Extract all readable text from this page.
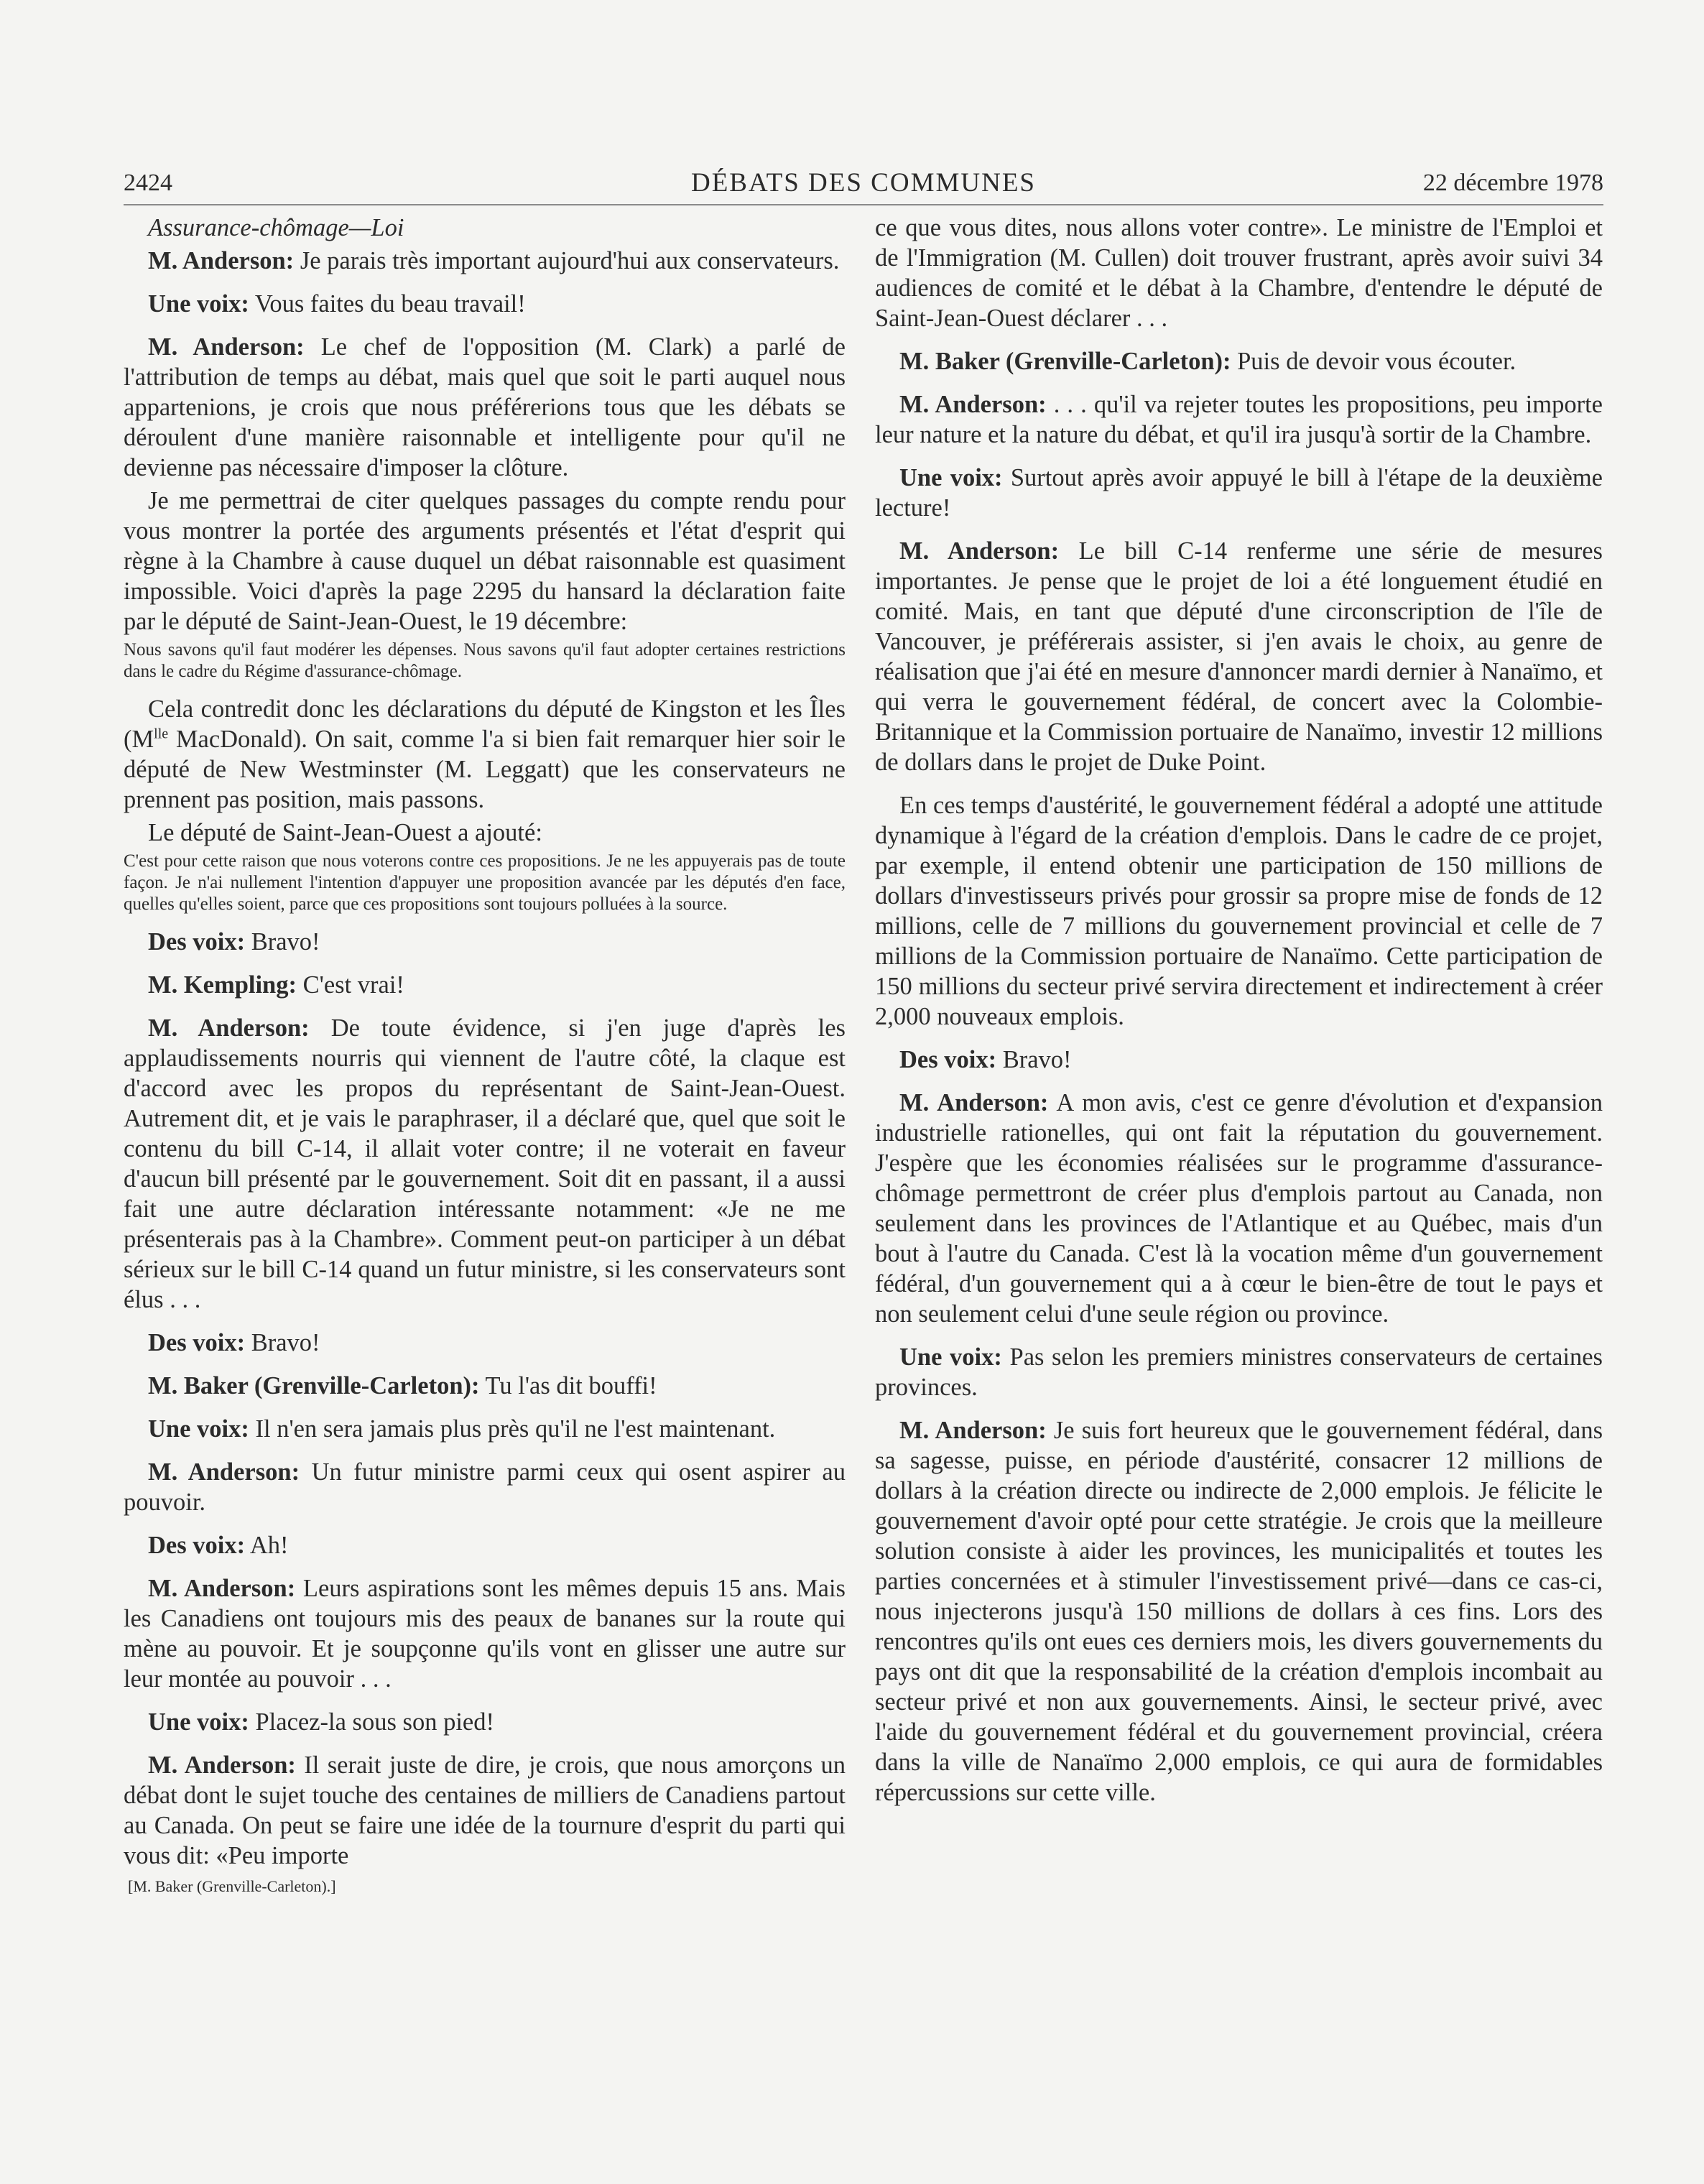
2424	DÉBATS DES COMMUNES	22 décembre 1978

Assurance-chômage—Loi

M. Anderson: Je parais très important aujourd'hui aux conservateurs.

Une voix: Vous faites du beau travail!

M. Anderson: Le chef de l'opposition (M. Clark) a parlé de l'attribution de temps au débat, mais quel que soit le parti auquel nous appartenions, je crois que nous préférerions tous que les débats se déroulent d'une manière raisonnable et intelligente pour qu'il ne devienne pas nécessaire d'imposer la clôture.

Je me permettrai de citer quelques passages du compte rendu pour vous montrer la portée des arguments présentés et l'état d'esprit qui règne à la Chambre à cause duquel un débat raisonnable est quasiment impossible. Voici d'après la page 2295 du hansard la déclaration faite par le député de Saint-Jean-Ouest, le 19 décembre:

Nous savons qu'il faut modérer les dépenses. Nous savons qu'il faut adopter certaines restrictions dans le cadre du Régime d'assurance-chômage.

Cela contredit donc les déclarations du député de Kingston et les Îles ($M^{lle}$ MacDonald). On sait, comme l'a si bien fait remarquer hier soir le député de New Westminster (M. Leggatt) que les conservateurs ne prennent pas position, mais passons.

Le député de Saint-Jean-Ouest a ajouté:

C'est pour cette raison que nous voterons contre ces propositions. Je ne les appuyerais pas de toute façon. Je n'ai nullement l'intention d'appuyer une proposition avancée par les députés d'en face, quelles qu'elles soient, parce que ces propositions sont toujours polluées à la source.

Des voix: Bravo!

M. Kempling: C'est vrai!

M. Anderson: De toute évidence, si j'en juge d'après les applaudissements nourris qui viennent de l'autre côté, la claque est d'accord avec les propos du représentant de Saint-Jean-Ouest. Autrement dit, et je vais le paraphraser, il a déclaré que, quel que soit le contenu du bill C-14, il allait voter contre; il ne voterait en faveur d'aucun bill présenté par le gouvernement. Soit dit en passant, il a aussi fait une autre déclaration intéressante notamment: «Je ne me présenterais pas à la Chambre». Comment peut-on participer à un débat sérieux sur le bill C-14 quand un futur ministre, si les conservateurs sont élus . . .

Des voix: Bravo!

M. Baker (Grenville-Carleton): Tu l'as dit bouffi!

Une voix: Il n'en sera jamais plus près qu'il ne l'est maintenant.

M. Anderson: Un futur ministre parmi ceux qui osent aspirer au pouvoir.

Des voix: Ah!

M. Anderson: Leurs aspirations sont les mêmes depuis 15 ans. Mais les Canadiens ont toujours mis des peaux de bananes sur la route qui mène au pouvoir. Et je soupçonne qu'ils vont en glisser une autre sur leur montée au pouvoir . . .

Une voix: Placez-la sous son pied!

M. Anderson: Il serait juste de dire, je crois, que nous amorçons un débat dont le sujet touche des centaines de milliers de Canadiens partout au Canada. On peut se faire une idée de la tournure d'esprit du parti qui vous dit: «Peu importe

[M. Baker (Grenville-Carleton).]

ce que vous dites, nous allons voter contre». Le ministre de l'Emploi et de l'Immigration (M. Cullen) doit trouver frustrant, après avoir suivi 34 audiences de comité et le débat à la Chambre, d'entendre le député de Saint-Jean-Ouest déclarer . . .

M. Baker (Grenville-Carleton): Puis de devoir vous écouter.

M. Anderson: . . . qu'il va rejeter toutes les propositions, peu importe leur nature et la nature du débat, et qu'il ira jusqu'à sortir de la Chambre.

Une voix: Surtout après avoir appuyé le bill à l'étape de la deuxième lecture!

M. Anderson: Le bill C-14 renferme une série de mesures importantes. Je pense que le projet de loi a été longuement étudié en comité. Mais, en tant que député d'une circonscription de l'île de Vancouver, je préférerais assister, si j'en avais le choix, au genre de réalisation que j'ai été en mesure d'annoncer mardi dernier à Nanaïmo, et qui verra le gouvernement fédéral, de concert avec la Colombie-Britannique et la Commission portuaire de Nanaïmo, investir 12 millions de dollars dans le projet de Duke Point.

En ces temps d'austérité, le gouvernement fédéral a adopté une attitude dynamique à l'égard de la création d'emplois. Dans le cadre de ce projet, par exemple, il entend obtenir une participation de 150 millions de dollars d'investisseurs privés pour grossir sa propre mise de fonds de 12 millions, celle de 7 millions du gouvernement provincial et celle de 7 millions de la Commission portuaire de Nanaïmo. Cette participation de 150 millions du secteur privé servira directement et indirectement à créer 2,000 nouveaux emplois.

Des voix: Bravo!

M. Anderson: A mon avis, c'est ce genre d'évolution et d'expansion industrielle rationelles, qui ont fait la réputation du gouvernement. J'espère que les économies réalisées sur le programme d'assurance-chômage permettront de créer plus d'emplois partout au Canada, non seulement dans les provinces de l'Atlantique et au Québec, mais d'un bout à l'autre du Canada. C'est là la vocation même d'un gouvernement fédéral, d'un gouvernement qui a à cœur le bien-être de tout le pays et non seulement celui d'une seule région ou province.

Une voix: Pas selon les premiers ministres conservateurs de certaines provinces.

M. Anderson: Je suis fort heureux que le gouvernement fédéral, dans sa sagesse, puisse, en période d'austérité, consacrer 12 millions de dollars à la création directe ou indirecte de 2,000 emplois. Je félicite le gouvernement d'avoir opté pour cette stratégie. Je crois que la meilleure solution consiste à aider les provinces, les municipalités et toutes les parties concernées et à stimuler l'investissement privé—dans ce cas-ci, nous injecterons jusqu'à 150 millions de dollars à ces fins. Lors des rencontres qu'ils ont eues ces derniers mois, les divers gouvernements du pays ont dit que la responsabilité de la création d'emplois incombait au secteur privé et non aux gouvernements. Ainsi, le secteur privé, avec l'aide du gouvernement fédéral et du gouvernement provincial, créera dans la ville de Nanaïmo 2,000 emplois, ce qui aura de formidables répercussions sur cette ville.
